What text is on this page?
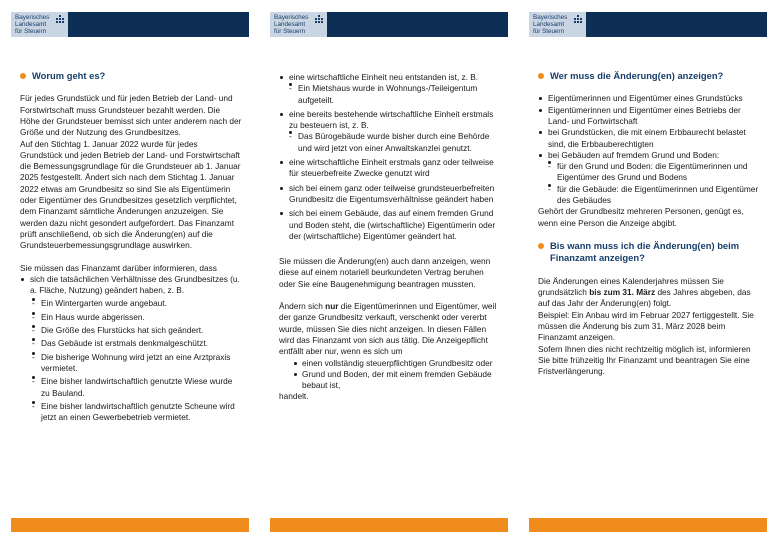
Bayerisches
Landesamt
für Steuern
Worum geht es?

Für jedes Grundstück und für jeden Betrieb der Land- und Forstwirtschaft muss Grundsteuer bezahlt werden. Die Höhe der Grundsteuer bemisst sich unter anderem nach der Größe und der Nutzung des Grundbesitzes.

Auf den Stichtag 1. Januar 2022 wurde für jedes Grundstück und jeden Betrieb der Land- und Forstwirtschaft die Bemessungsgrundlage für die Grundsteuer ab 1. Januar 2025 festgestellt. Ändert sich nach dem Stichtag 1. Januar 2022 etwas am Grundbesitz so sind Sie als Eigentümerin oder Eigentümer des Grundbesitzes gesetzlich verpflichtet, dem Finanzamt sämtliche Änderungen anzuzeigen. Sie werden dazu nicht gesondert aufgefordert. Das Finanzamt prüft anschließend, ob sich die Änderung(en) auf die Grundsteuerbemessungsgrundlage auswirken.

Sie müssen das Finanzamt darüber informieren, dass

sich die tatsächlichen Verhältnisse des Grundbesitzes (u. a. Fläche, Nutzung) geändert haben, z. B.
- Ein Wintergarten wurde angebaut.
- Ein Haus wurde abgerissen.
- Die Größe des Flurstücks hat sich geändert.
- Das Gebäude ist erstmals denkmalgeschützt.
- Die bisherige Wohnung wird jetzt an eine Arztpraxis vermietet.
- Eine bisher landwirtschaftlich genutzte Wiese wurde zu Bauland.
- Eine bisher landwirtschaftlich genutzte Scheune wird jetzt an einen Gewerbebetrieb vermietet.
Bayerisches
Landesamt
für Steuern
eine wirtschaftliche Einheit neu entstanden ist, z. B.
- Ein Mietshaus wurde in Wohnungs-/Teileigentum aufgeteilt.
eine bereits bestehende wirtschaftliche Einheit erstmals zu besteuern ist, z. B.
- Das Bürogebäude wurde bisher durch eine Behörde und wird jetzt von einer Anwaltskanzlei genutzt.
eine wirtschaftliche Einheit erstmals ganz oder teilweise für steuerbefreite Zwecke genutzt wird
sich bei einem ganz oder teilweise grundsteuerbefreiten Grundbesitz die Eigentumsverhältnisse geändert haben
sich bei einem Gebäude, das auf einem fremden Grund und Boden steht, die (wirtschaftliche) Eigentümerin oder der (wirtschaftliche) Eigentümer geändert hat.

Sie müssen die Änderung(en) auch dann anzeigen, wenn diese auf einem notariell beurkundeten Vertrag beruhen oder Sie eine Baugenehmigung beantragen mussten.

Ändern sich nur die Eigentümerinnen und Eigentümer, weil der ganze Grundbesitz verkauft, verschenkt oder vererbt wurde, müssen Sie dies nicht anzeigen. In diesen Fällen wird das Finanzamt von sich aus tätig. Die Anzeigepflicht entfällt aber nur, wenn es sich um

einen vollständig steuerpflichtigen Grundbesitz oder
Grund und Boden, der mit einem fremden Gebäude bebaut ist,

handelt.

Bayerisches
Landesamt
für Steuern
Wer muss die Änderung(en) anzeigen?
Eigentümerinnen und Eigentümer eines Grundstücks
Eigentümerinnen und Eigentümer eines Betriebs der Land- und Fortwirtschaft
bei Grundstücken, die mit einem Erbbaurecht belastet sind, die Erbbauberechtigten
bei Gebäuden auf fremdem Grund und Boden:
- für den Grund und Boden: die Eigentümerinnen und Eigentümer des Grund und Bodens
- für die Gebäude: die Eigentümerinnen und Eigentümer des Gebäudes

Gehört der Grundbesitz mehreren Personen, genügt es, wenn eine Person die Anzeige abgibt.

Bis wann muss ich die Änderung(en) beim Finanzamt anzeigen?

Die Änderungen eines Kalenderjahres müssen Sie grundsätzlich bis zum 31. März des Jahres abgeben, das auf das Jahr der Änderung(en) folgt.

Beispiel: Ein Anbau wird im Februar 2027 fertiggestellt. Sie müssen die Änderung bis zum 31. März 2028 beim Finanzamt anzeigen.

Sofern Ihnen dies nicht rechtzeitig möglich ist, informieren Sie bitte frühzeitig Ihr Finanzamt und beantragen Sie eine Fristverlängerung.
